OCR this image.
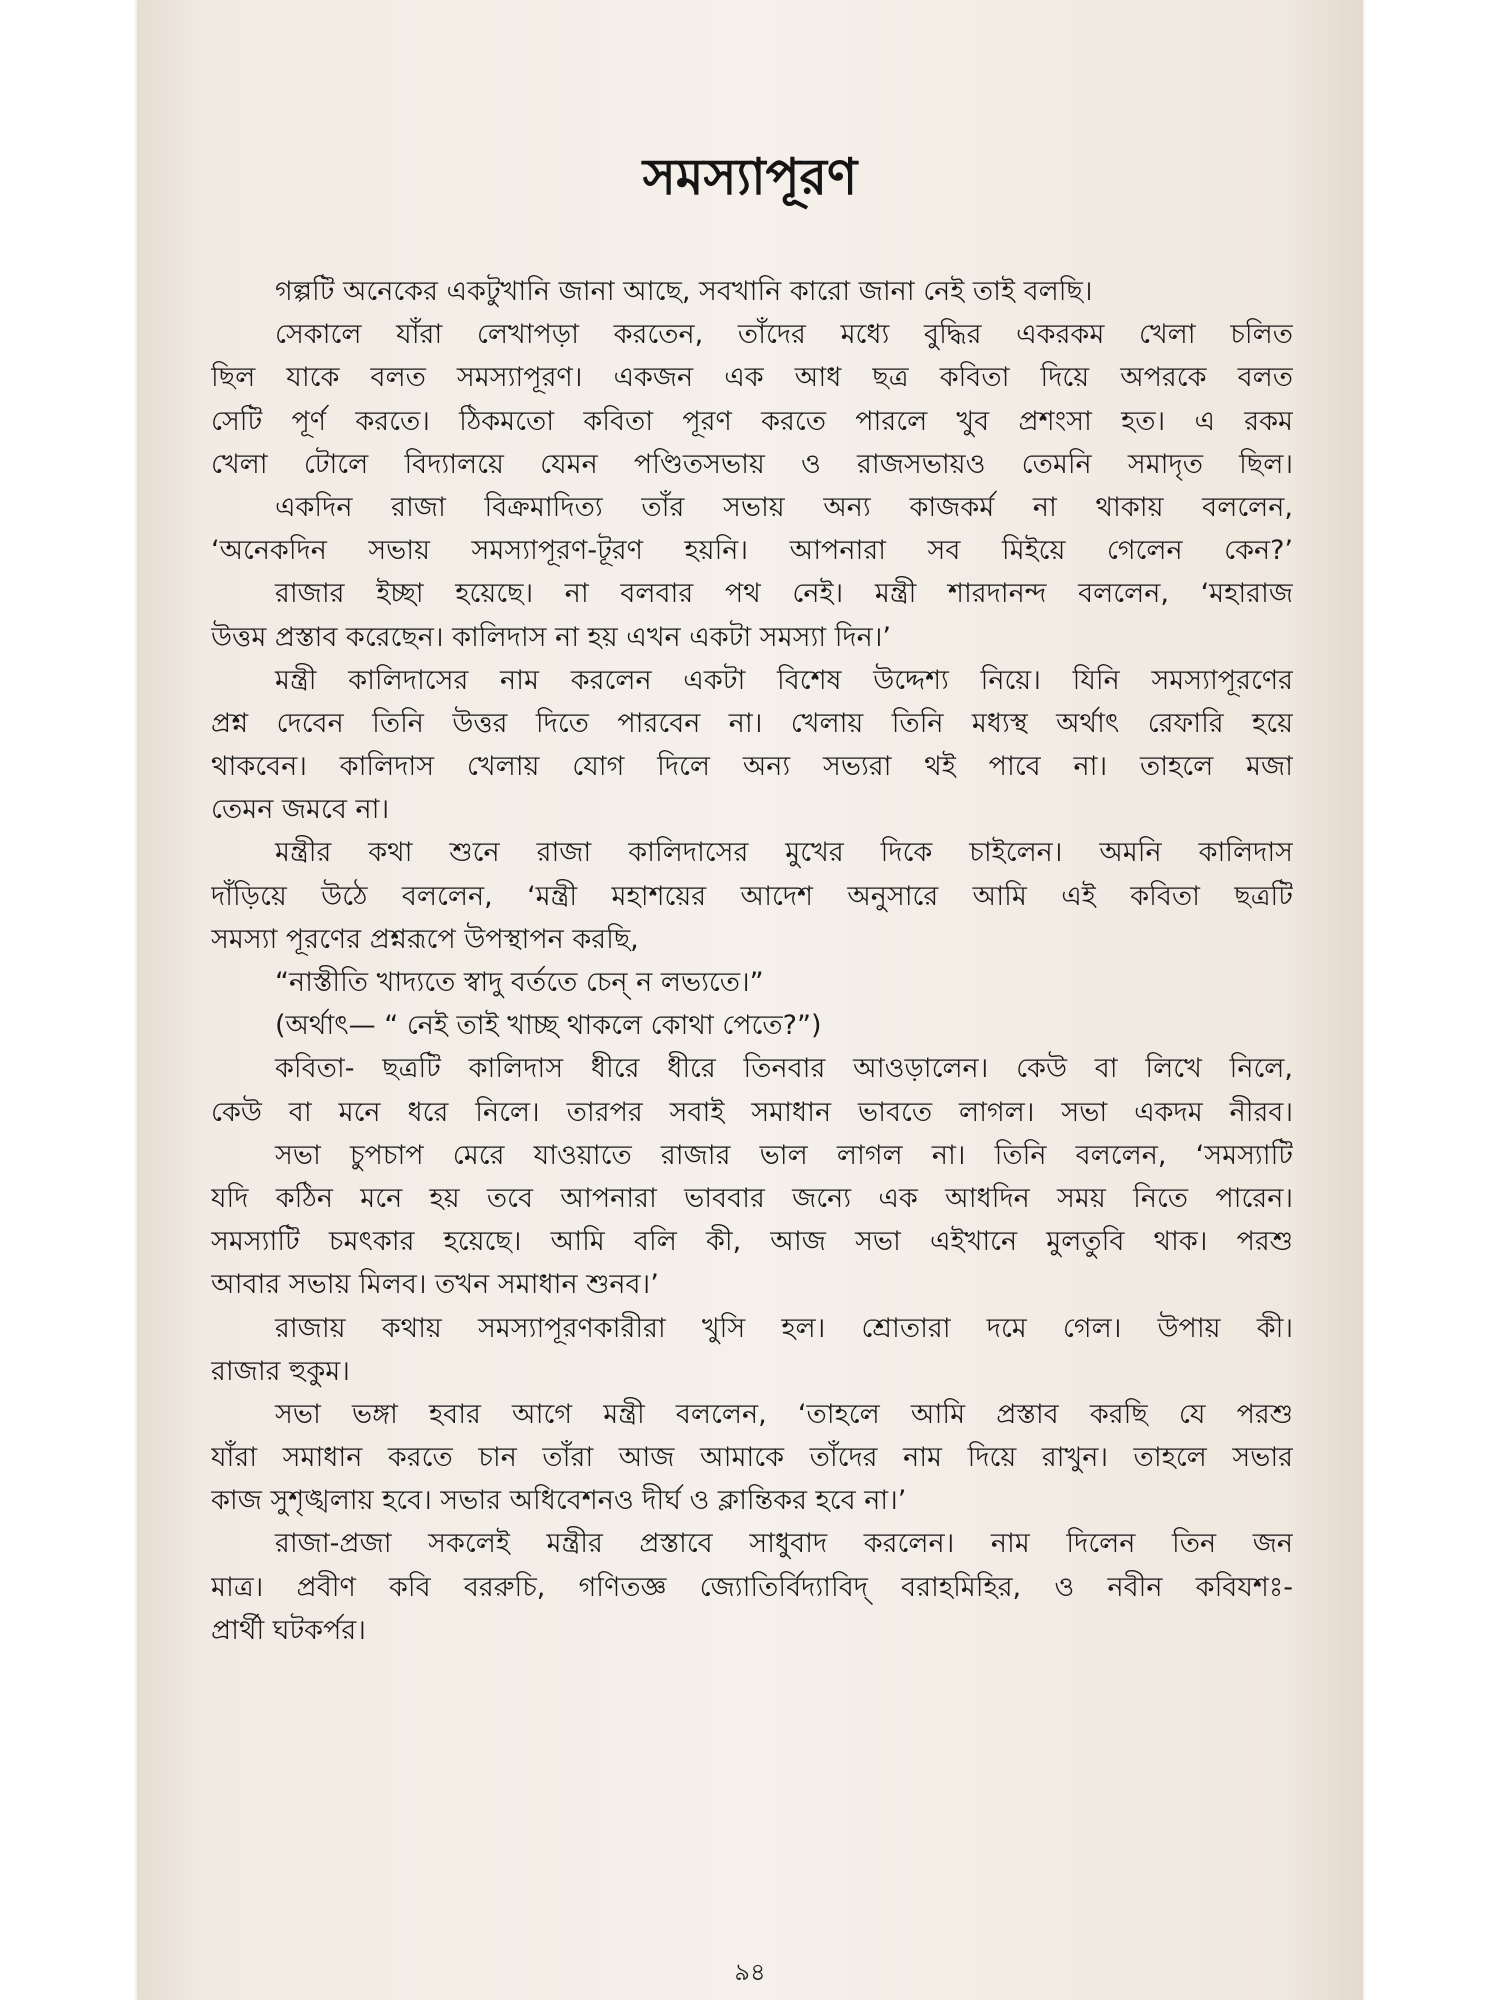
সমস্যাপূরণ
গল্পটি অনেকের একটুখানি জানা আছে, সবখানি কারো জানা নেই তাই বলছি।
সেকালে যাঁরা লেখাপড়া করতেন, তাঁদের মধ্যে বুদ্ধির একরকম খেলা চলিত
ছিল যাকে বলত সমস্যাপূরণ। একজন এক আধ ছত্র কবিতা দিয়ে অপরকে বলত
সেটি পূর্ণ করতে। ঠিকমতো কবিতা পূরণ করতে পারলে খুব প্রশংসা হত। এ রকম
খেলা টোলে বিদ্যালয়ে যেমন পণ্ডিতসভায় ও রাজসভায়ও তেমনি সমাদৃত ছিল।
একদিন রাজা বিক্রমাদিত্য তাঁর সভায় অন্য কাজকর্ম না থাকায় বললেন,
‘অনেকদিন সভায় সমস্যাপূরণ-টূরণ হয়নি। আপনারা সব মিইয়ে গেলেন কেন?’
রাজার ইচ্ছা হয়েছে। না বলবার পথ নেই। মন্ত্রী শারদানন্দ বললেন, ‘মহারাজ
উত্তম প্রস্তাব করেছেন। কালিদাস না হয় এখন একটা সমস্যা দিন।’
মন্ত্রী কালিদাসের নাম করলেন একটা বিশেষ উদ্দেশ্য নিয়ে। যিনি সমস্যাপূরণের
প্রশ্ন দেবেন তিনি উত্তর দিতে পারবেন না। খেলায় তিনি মধ্যস্থ অর্থাৎ রেফারি হয়ে
থাকবেন। কালিদাস খেলায় যোগ দিলে অন্য সভ্যরা থই পাবে না। তাহলে মজা
তেমন জমবে না।
মন্ত্রীর কথা শুনে রাজা কালিদাসের মুখের দিকে চাইলেন। অমনি কালিদাস
দাঁড়িয়ে উঠে বললেন, ‘মন্ত্রী মহাশয়ের আদেশ অনুসারে আমি এই কবিতা ছত্রটি
সমস্যা পূরণের প্রশ্নরূপে উপস্থাপন করছি,
“নাস্তীতি খাদ্যতে স্বাদু বর্ততে চেন্ ন লভ্যতে।”
(অর্থাৎ— “ নেই তাই খাচ্ছ থাকলে কোথা পেতে?”)
কবিতা- ছত্রটি কালিদাস ধীরে ধীরে তিনবার আওড়ালেন। কেউ বা লিখে নিলে,
কেউ বা মনে ধরে নিলে। তারপর সবাই সমাধান ভাবতে লাগল। সভা একদম নীরব।
সভা চুপচাপ মেরে যাওয়াতে রাজার ভাল লাগল না। তিনি বললেন, ‘সমস্যাটি
যদি কঠিন মনে হয় তবে আপনারা ভাববার জন্যে এক আধদিন সময় নিতে পারেন।
সমস্যাটি চমৎকার হয়েছে। আমি বলি কী, আজ সভা এইখানে মুলতুবি থাক। পরশু
আবার সভায় মিলব। তখন সমাধান শুনব।’
রাজায় কথায় সমস্যাপূরণকারীরা খুসি হল। শ্রোতারা দমে গেল। উপায় কী।
রাজার হুকুম।
সভা ভঙ্গা হবার আগে মন্ত্রী বললেন, ‘তাহলে আমি প্রস্তাব করছি যে পরশু
যাঁরা সমাধান করতে চান তাঁরা আজ আমাকে তাঁদের নাম দিয়ে রাখুন। তাহলে সভার
কাজ সুশৃঙ্খলায় হবে। সভার অধিবেশনও দীর্ঘ ও ক্লান্তিকর হবে না।’
রাজা-প্রজা সকলেই মন্ত্রীর প্রস্তাবে সাধুবাদ করলেন। নাম দিলেন তিন জন
মাত্র। প্রবীণ কবি বররুচি, গণিতজ্ঞ জ্যোতির্বিদ্যাবিদ্ বরাহমিহির, ও নবীন কবিযশঃ-
প্রার্থী ঘটকর্পর।
৯৪
